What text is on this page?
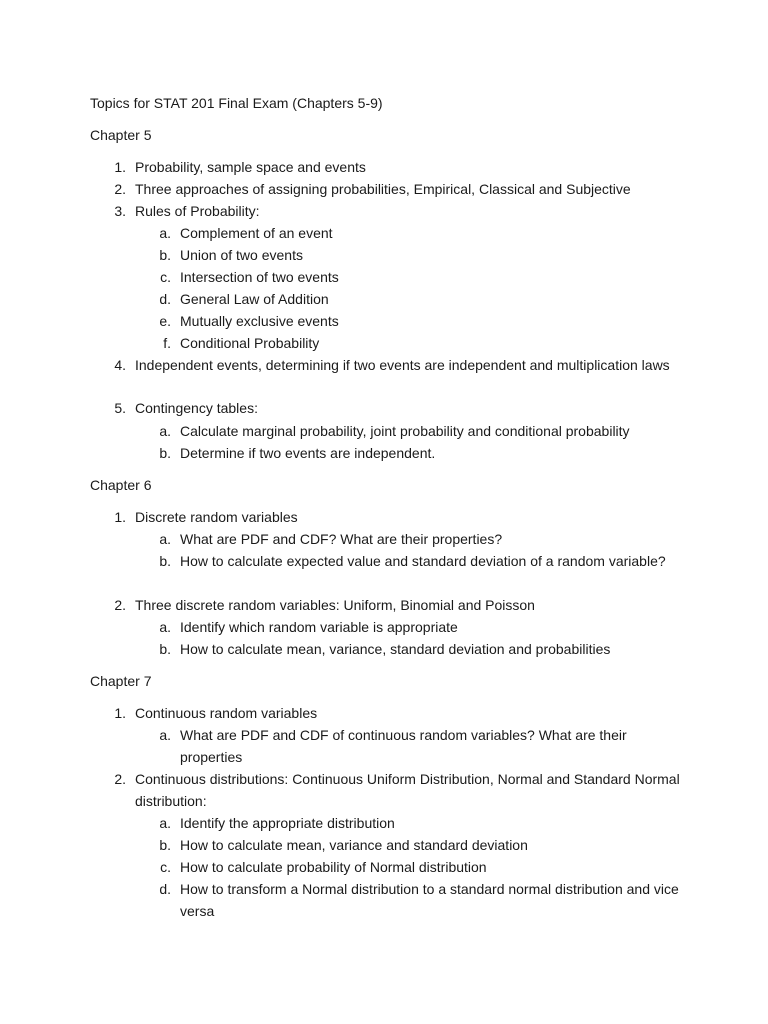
Topics for STAT 201 Final Exam (Chapters 5-9)
Chapter 5
1. Probability, sample space and events
2. Three approaches of assigning probabilities, Empirical, Classical and Subjective
3. Rules of Probability:
a. Complement of an event
b. Union of two events
c. Intersection of two events
d. General Law of Addition
e. Mutually exclusive events
f. Conditional Probability
4. Independent events, determining if two events are independent and multiplication laws
5. Contingency tables:
a. Calculate marginal probability, joint probability and conditional probability
b. Determine if two events are independent.
Chapter 6
1. Discrete random variables
a. What are PDF and CDF? What are their properties?
b. How to calculate expected value and standard deviation of a random variable?
2. Three discrete random variables: Uniform, Binomial and Poisson
a. Identify which random variable is appropriate
b. How to calculate mean, variance, standard deviation and probabilities
Chapter 7
1. Continuous random variables
a. What are PDF and CDF of continuous random variables? What are their properties
2. Continuous distributions: Continuous Uniform Distribution, Normal and Standard Normal distribution:
a. Identify the appropriate distribution
b. How to calculate mean, variance and standard deviation
c. How to calculate probability of Normal distribution
d. How to transform a Normal distribution to a standard normal distribution and vice versa
